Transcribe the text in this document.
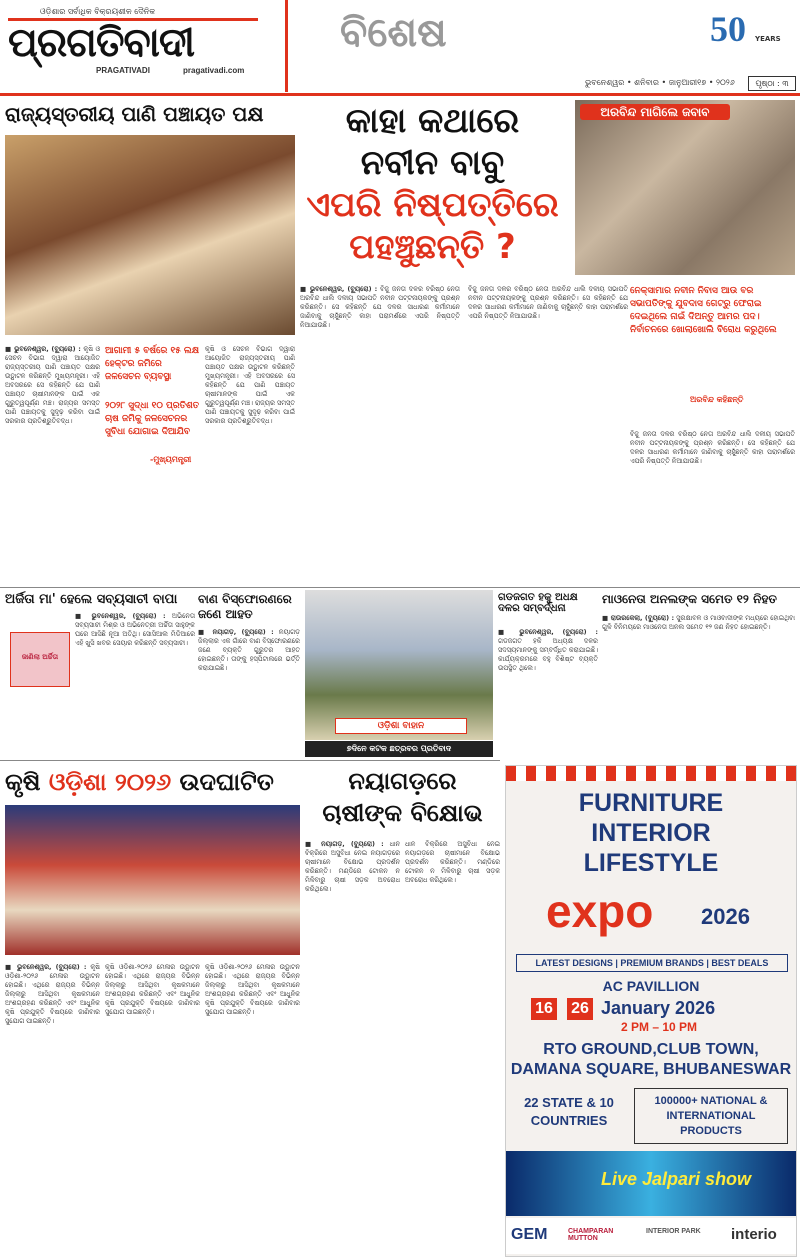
ଓଡ଼ିଶାର ସର୍ବାଧିକ ବିକ୍ରୟଶୀଳ ଦୈନିକ
ପ୍ରଗତିବାଦୀ
PRAGATIVADI	pragativadi.com
ବିଶେଷ	50 YEARS
ଭୁବନେଶ୍ୱର • ଶନିବାର • ଜାନୁଆରୀ୧୭ • ୨୦୨୬	ପୃଷ୍ଠା : ୩
ରାଜ୍ୟସ୍ତରୀୟ ପାଣି ପଞ୍ଚାୟତ ପକ୍ଷ
■ ଭୁବନେଶ୍ୱର, (ବ୍ୟୁରୋ) : କୃଷି ଓ ସେଚନ ବିଭାଗ ଦ୍ୱାରା ଆୟୋଜିତ ରାଜ୍ୟସ୍ତରୀୟ ପାଣି ପଞ୍ଚାୟତ ପକ୍ଷର ଉଦ୍ଘାଟନ କରିଛନ୍ତି ମୁଖ୍ୟମନ୍ତ୍ରୀ। ଏହି ଅବସରରେ ସେ କହିଛନ୍ତି ଯେ ପାଣି ପଞ୍ଚାୟତ ଚାଷୀମାନଙ୍କ ପାଇଁ ଏକ ଗୁରୁତ୍ୱପୂର୍ଣ୍ଣ ମଞ୍ଚ। ରାଜ୍ୟର ସମସ୍ତ ପାଣି ପଞ୍ଚାୟତକୁ ସୁଦୃଢ଼ କରିବା ପାଇଁ ସରକାର ପ୍ରତିଶ୍ରୁତିବଦ୍ଧ।
ଆଗାମୀ ୫ ବର୍ଷରେ ୧୫ ଲକ୍ଷ ହେକ୍ଟର ଜମିରେ ଜଳସେଚନ ବ୍ୟବସ୍ଥା
୨୦୨୮ ସୁଦ୍ଧା ୧୦ ପ୍ରତିଶତ ଚାଷ ଜମିକୁ ଜଳସେଚନର ସୁବିଧା ଯୋଗାଇ ଦିଆଯିବ
-ମୁଖ୍ୟମନ୍ତ୍ରୀ
କୃଷି ଓ ସେଚନ ବିଭାଗ ଦ୍ୱାରା ଆୟୋଜିତ ରାଜ୍ୟସ୍ତରୀୟ ପାଣି ପଞ୍ଚାୟତ ପକ୍ଷର ଉଦ୍ଘାଟନ କରିଛନ୍ତି ମୁଖ୍ୟମନ୍ତ୍ରୀ। ଏହି ଅବସରରେ ସେ କହିଛନ୍ତି ଯେ ପାଣି ପଞ୍ଚାୟତ ଚାଷୀମାନଙ୍କ ପାଇଁ ଏକ ଗୁରୁତ୍ୱପୂର୍ଣ୍ଣ ମଞ୍ଚ। ରାଜ୍ୟର ସମସ୍ତ ପାଣି ପଞ୍ଚାୟତକୁ ସୁଦୃଢ଼ କରିବା ପାଇଁ ସରକାର ପ୍ରତିଶ୍ରୁତିବଦ୍ଧ।
କାହା କଥାରେ
ନବୀନ ବାବୁ
ଏପରି ନିଷ୍ପତ୍ତିରେ
ପହଞ୍ଚୁଛନ୍ତି ?
ଅରବିନ୍ଦ ମାଗିଲେ ଜବାବ
■ ଭୁବନେଶ୍ୱର, (ବ୍ୟୁରୋ) : ବିଜୁ ଜନତା ଦଳର ବରିଷ୍ଠ ନେତା ଅରବିନ୍ଦ ଧାଲି ଦଳୀୟ ସଭାପତି ନବୀନ ପଟ୍ଟନାୟକଙ୍କୁ ପ୍ରଶ୍ନ କରିଛନ୍ତି। ସେ କହିଛନ୍ତି ଯେ ଦଳର ସାଧାରଣ କର୍ମୀମାନେ ଜାଣିବାକୁ ଚାହୁଁଛନ୍ତି କାହା ପରାମର୍ଶରେ ଏପରି ନିଷ୍ପତ୍ତି ନିଆଯାଉଛି।
ବିଜୁ ଜନତା ଦଳର ବରିଷ୍ଠ ନେତା ଅରବିନ୍ଦ ଧାଲି ଦଳୀୟ ସଭାପତି ନବୀନ ପଟ୍ଟନାୟକଙ୍କୁ ପ୍ରଶ୍ନ କରିଛନ୍ତି। ସେ କହିଛନ୍ତି ଯେ ଦଳର ସାଧାରଣ କର୍ମୀମାନେ ଜାଣିବାକୁ ଚାହୁଁଛନ୍ତି କାହା ପରାମର୍ଶରେ ଏପରି ନିଷ୍ପତ୍ତି ନିଆଯାଉଛି।
ନେକ୍ସାମାର ନବୀନ ନିବାସ ଆଉ ବର ସଭାପତିଙ୍କୁ ଯୁବଦାସ ଗେଟ୍‌ରୁ ଫେରାଇ ଦେଇଥିଲେ ନାଇଁ ଦିଅନ୍ତୁ ଆମର ପଦ। ନିର୍ବାଚନରେ ଖୋଲାଖୋଲି ବିରୋଧ କରୁଥିଲେ
ଅରବିନ୍ଦ କହିଛନ୍ତି
ବିଜୁ ଜନତା ଦଳର ବରିଷ୍ଠ ନେତା ଅରବିନ୍ଦ ଧାଲି ଦଳୀୟ ସଭାପତି ନବୀନ ପଟ୍ଟନାୟକଙ୍କୁ ପ୍ରଶ୍ନ କରିଛନ୍ତି। ସେ କହିଛନ୍ତି ଯେ ଦଳର ସାଧାରଣ କର୍ମୀମାନେ ଜାଣିବାକୁ ଚାହୁଁଛନ୍ତି କାହା ପରାମର୍ଶରେ ଏପରି ନିଷ୍ପତ୍ତି ନିଆଯାଉଛି।
ଅର୍ଜିତା ମା' ହେଲେ ସବ୍ୟସାଚୀ ବାପା
ଜାଣିଲା ଅର୍ଚ୍ଚିତା
■ ଭୁବନେଶ୍ୱର, (ବ୍ୟୁରୋ) : ଅଭିନେତା ସବ୍ୟସାଚୀ ମିଶ୍ର ଓ ଅଭିନେତ୍ରୀ ଅର୍ଚ୍ଚିତା ସାହୁଙ୍କ ଘରେ ଆସିଛି ନୂଆ ଅତିଥି। ସୋସିଆଲ ମିଡିଆରେ ଏହି ଖୁସି ଖବର ସେୟାର କରିଛନ୍ତି ସବ୍ୟସାଚୀ।
ବାଣ ବିସ୍ଫୋରଣରେ ଜଣେ ଆହତ
■ ନୟାଗଡ଼, (ବ୍ୟୁରୋ) : ନୟାଗଡ଼ ଜିଲ୍ଲାର ଏକ ଗାଁରେ ବାଣ ବିସ୍ଫୋରଣରେ ଜଣେ ବ୍ୟକ୍ତି ଗୁରୁତର ଆହତ ହୋଇଛନ୍ତି। ତାଙ୍କୁ ହସ୍ପିଟାଲରେ ଭର୍ତ୍ତି କରାଯାଇଛି।
ଓଡ଼ିଶା ବାହାନ
୭ଦିନେ କଟକ ଛତ୍ରବର ପ୍ରତିବାଦ
ଗଡଜଗତ ହକୁ ଅଧକ୍ଷ ଦଳର ସମ୍ବର୍ଦ୍ଧନା
■ ଭୁବନେଶ୍ୱର, (ବ୍ୟୁରୋ) : ଗଡଜଗତ ହକି ଅଧ୍ୟକ୍ଷ ଦଳର ସଦସ୍ୟମାନଙ୍କୁ ସମ୍ବର୍ଦ୍ଧିତ କରାଯାଇଛି। କାର୍ଯ୍ୟକ୍ରମରେ ବହୁ ବିଶିଷ୍ଟ ବ୍ୟକ୍ତି ଉପସ୍ଥିତ ଥିଲେ।
ମାଓନେତା ଅନଲଙ୍କ ସମେତ ୧୨ ନିହତ
■ ରାଉରକେଲା, (ବ୍ୟୁରୋ) : ସୁରକ୍ଷାବଳ ଓ ମାଓବାଦୀଙ୍କ ମଧ୍ୟରେ ହୋଇଥିବା ଗୁଳି ବିନିମୟରେ ମାଓନେତା ଅନଲ ସମେତ ୧୨ ଜଣ ନିହତ ହୋଇଛନ୍ତି।
କୃଷି ଓଡ଼ିଶା ୨୦୨୬ ଉଦଘାଟିତ
■ ଭୁବନେଶ୍ୱର, (ବ୍ୟୁରୋ) : କୃଷି ଓଡ଼ିଶା-୨୦୨୬ ମେଳାର ଉଦ୍ଘାଟନ ହୋଇଛି। ଏଥିରେ ରାଜ୍ୟର ବିଭିନ୍ନ ଜିଲ୍ଲାରୁ ଆସିଥିବା କୃଷକମାନେ ଅଂଶଗ୍ରହଣ କରିଛନ୍ତି ଏବଂ ଆଧୁନିକ କୃଷି ପ୍ରଯୁକ୍ତି ବିଷୟରେ ଜାଣିବାର ସୁଯୋଗ ପାଇଛନ୍ତି।
କୃଷି ଓଡ଼ିଶା-୨୦୨୬ ମେଳାର ଉଦ୍ଘାଟନ ହୋଇଛି। ଏଥିରେ ରାଜ୍ୟର ବିଭିନ୍ନ ଜିଲ୍ଲାରୁ ଆସିଥିବା କୃଷକମାନେ ଅଂଶଗ୍ରହଣ କରିଛନ୍ତି ଏବଂ ଆଧୁନିକ କୃଷି ପ୍ରଯୁକ୍ତି ବିଷୟରେ ଜାଣିବାର ସୁଯୋଗ ପାଇଛନ୍ତି।
କୃଷି ଓଡ଼ିଶା-୨୦୨୬ ମେଳାର ଉଦ୍ଘାଟନ ହୋଇଛି। ଏଥିରେ ରାଜ୍ୟର ବିଭିନ୍ନ ଜିଲ୍ଲାରୁ ଆସିଥିବା କୃଷକମାନେ ଅଂଶଗ୍ରହଣ କରିଛନ୍ତି ଏବଂ ଆଧୁନିକ କୃଷି ପ୍ରଯୁକ୍ତି ବିଷୟରେ ଜାଣିବାର ସୁଯୋଗ ପାଇଛନ୍ତି।
ନୟାଗଡ଼ରେ
ଚାଷୀଙ୍କ ବିକ୍ଷୋଭ
■ ନୟାଗଡ଼, (ବ୍ୟୁରୋ) : ଧାନ ବିକ୍ରିରେ ଅସୁବିଧା ନେଇ ନୟାଗଡ଼ରେ ଚାଷୀମାନେ ବିକ୍ଷୋଭ ପ୍ରଦର୍ଶନ କରିଛନ୍ତି। ମଣ୍ଡିରେ ଟୋକନ ନ ମିଳିବାରୁ ଚାଷୀ ସଡ଼କ ଅବରୋଧ କରିଥିଲେ।
ଧାନ ବିକ୍ରିରେ ଅସୁବିଧା ନେଇ ନୟାଗଡ଼ରେ ଚାଷୀମାନେ ବିକ୍ଷୋଭ ପ୍ରଦର୍ଶନ କରିଛନ୍ତି। ମଣ୍ଡିରେ ଟୋକନ ନ ମିଳିବାରୁ ଚାଷୀ ସଡ଼କ ଅବରୋଧ କରିଥିଲେ।
FURNITURE
INTERIOR
LIFESTYLE
expo 2026
LATEST DESIGNS | PREMIUM BRANDS | BEST DEALS
AC PAVILLION
16 26 January 2026
2 PM – 10 PM
RTO GROUND,CLUB TOWN,
DAMANA SQUARE, BHUBANESWAR
22 STATE & 10 COUNTRIES
100000+ NATIONAL & INTERNATIONAL PRODUCTS
Live Jalpari show
GEM	CHAMPARAN MUTTON
INTERIOR PARK	interio
